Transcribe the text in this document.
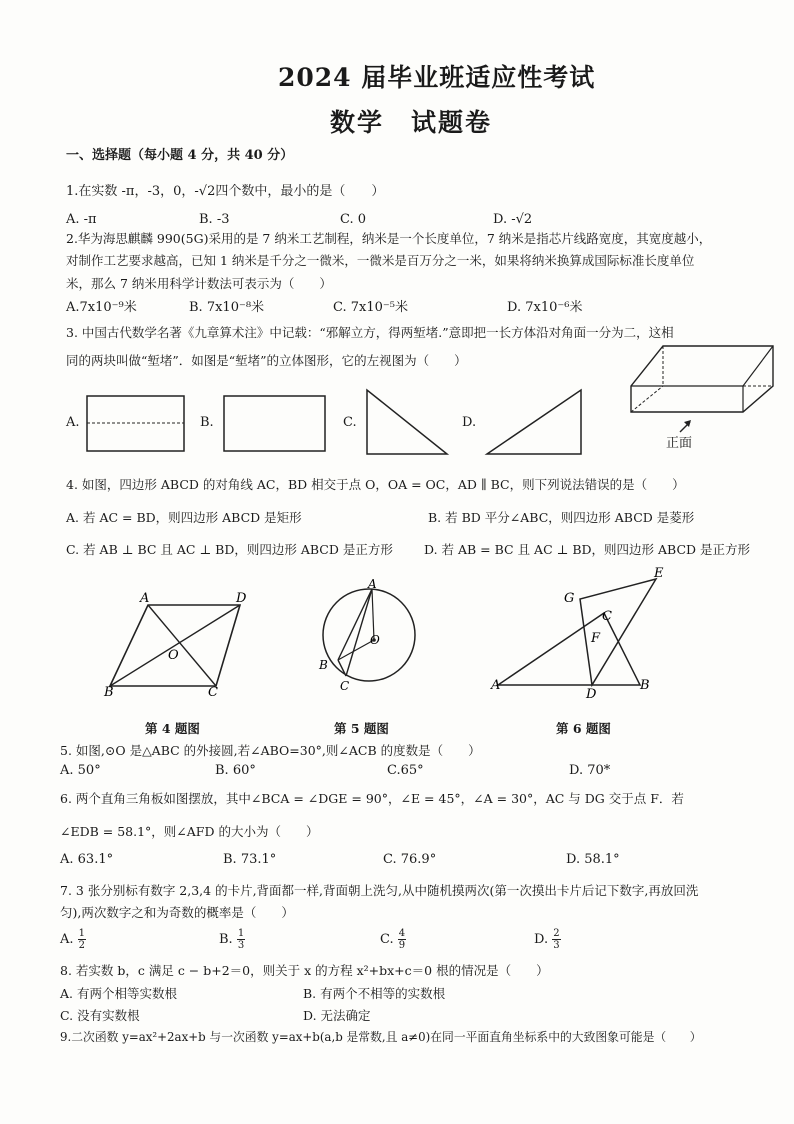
2024 届毕业班适应性考试
数学　试题卷
一、选择题（每小题 4 分，共 40 分）
1.在实数 -π，-3，0，-√2四个数中，最小的是（　　）
A. -π	B. -3	C. 0	D. -√2
2.华为海思麒麟 990(5G)采用的是 7 纳米工艺制程，纳米是一个长度单位，7 纳米是指芯片线路宽度，其宽度越小，
对制作工艺要求越高，已知 1 纳米是千分之一微米，一微米是百万分之一米，如果将纳米换算成国际标准长度单位
米，那么 7 纳米用科学计数法可表示为（　　）
A.7x10⁻⁹米	B. 7x10⁻⁸米	C. 7x10⁻⁵米	D. 7x10⁻⁶米
3. 中国古代数学名著《九章算术注》中记载：“邪解立方，得两堑堵.”意即把一长方体沿对角面一分为二，这相
同的两块叫做“堑堵”．如图是“堑堵”的立体图形，它的左视图为（　　）
A.	B.	C.	D.
正面
4. 如图，四边形 ABCD 的对角线 AC，BD 相交于点 O，OA = OC，AD ∥ BC，则下列说法错误的是（　　）
A. 若 AC = BD，则四边形 ABCD 是矩形	B. 若 BD 平分∠ABC，则四边形 ABCD 是菱形
C. 若 AB ⊥ BC 且 AC ⊥ BD，则四边形 ABCD 是正方形 D. 若 AB = BC 且 AC ⊥ BD，则四边形 ABCD 是正方形
A	D
B	C
O
第 4 题图
A
O
B
C
第 5 题图
E
G
C
F
A
D
B
第 6 题图
5. 如图,⊙O 是△ABC 的外接圆,若∠ABO=30°,则∠ACB 的度数是（　　）
A. 50°	B. 60°	C.65°	D. 70*
6. 两个直角三角板如图摆放，其中∠BCA = ∠DGE = 90°，∠E = 45°，∠A = 30°，AC 与 DG 交于点 F．若
∠EDB = 58.1°，则∠AFD 的大小为（　　）
A. 63.1°	B. 73.1°	C. 76.9°	D. 58.1°
7. 3 张分别标有数字 2,3,4 的卡片,背面都一样,背面朝上洗匀,从中随机摸两次(第一次摸出卡片后记下数字,再放回洗
匀),两次数字之和为奇数的概率是（　　）
A. $\frac{1}{2}$	B. $\frac{1}{3}$	C. $\frac{4}{9}$	D. $\frac{2}{3}$
8. 若实数 b，c 满足 c − b+2＝0，则关于 x 的方程 x²+bx+c＝0 根的情况是（　　）
A. 有两个相等实数根	B. 有两个不相等的实数根
C. 没有实数根	D. 无法确定
9.二次函数 y=ax²+2ax+b 与一次函数 y=ax+b(a,b 是常数,且 a≠0)在同一平面直角坐标系中的大致图象可能是（　　）
